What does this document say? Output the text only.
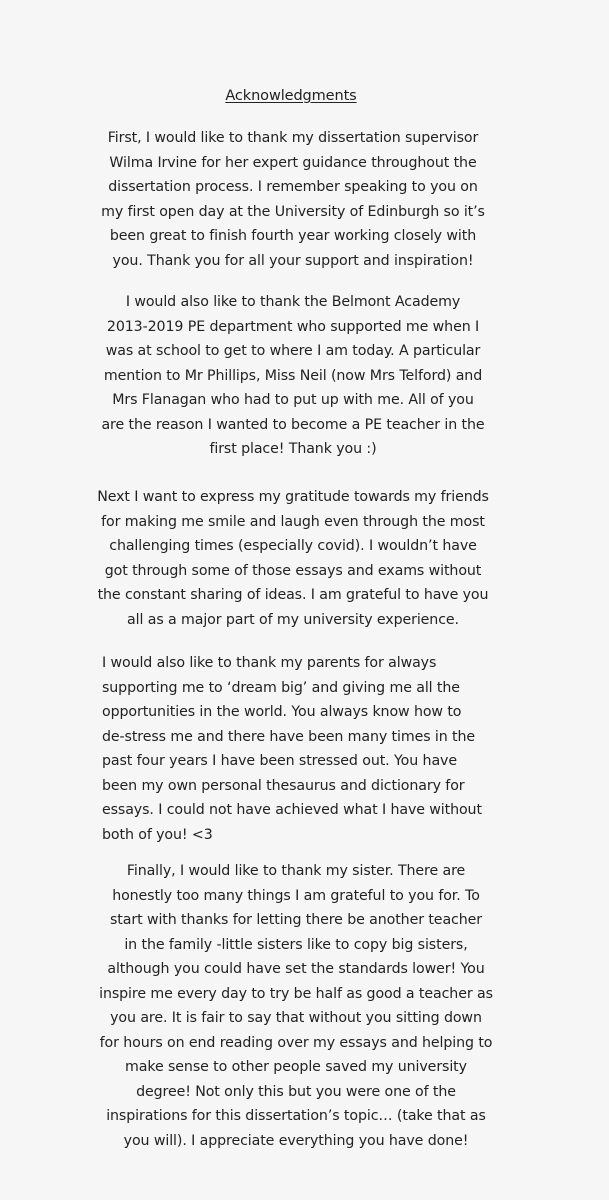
Acknowledgments
First, I would like to thank my dissertation supervisor
Wilma Irvine for her expert guidance throughout the
dissertation process. I remember speaking to you on
my first open day at the University of Edinburgh so it’s
been great to finish fourth year working closely with
you. Thank you for all your support and inspiration!
I would also like to thank the Belmont Academy
2013-2019 PE department who supported me when I
was at school to get to where I am today. A particular
mention to Mr Phillips, Miss Neil (now Mrs Telford) and
Mrs Flanagan who had to put up with me. All of you
are the reason I wanted to become a PE teacher in the
first place! Thank you :)
Next I want to express my gratitude towards my friends
for making me smile and laugh even through the most
challenging times (especially covid). I wouldn’t have
got through some of those essays and exams without
the constant sharing of ideas. I am grateful to have you
all as a major part of my university experience.
I would also like to thank my parents for always
supporting me to ‘dream big’ and giving me all the
opportunities in the world. You always know how to
de-stress me and there have been many times in the
past four years I have been stressed out. You have
been my own personal thesaurus and dictionary for
essays. I could not have achieved what I have without
both of you! <3
Finally, I would like to thank my sister. There are
honestly too many things I am grateful to you for. To
start with thanks for letting there be another teacher
in the family -little sisters like to copy big sisters,
although you could have set the standards lower! You
inspire me every day to try be half as good a teacher as
you are. It is fair to say that without you sitting down
for hours on end reading over my essays and helping to
make sense to other people saved my university
degree! Not only this but you were one of the
inspirations for this dissertation’s topic… (take that as
you will). I appreciate everything you have done!
